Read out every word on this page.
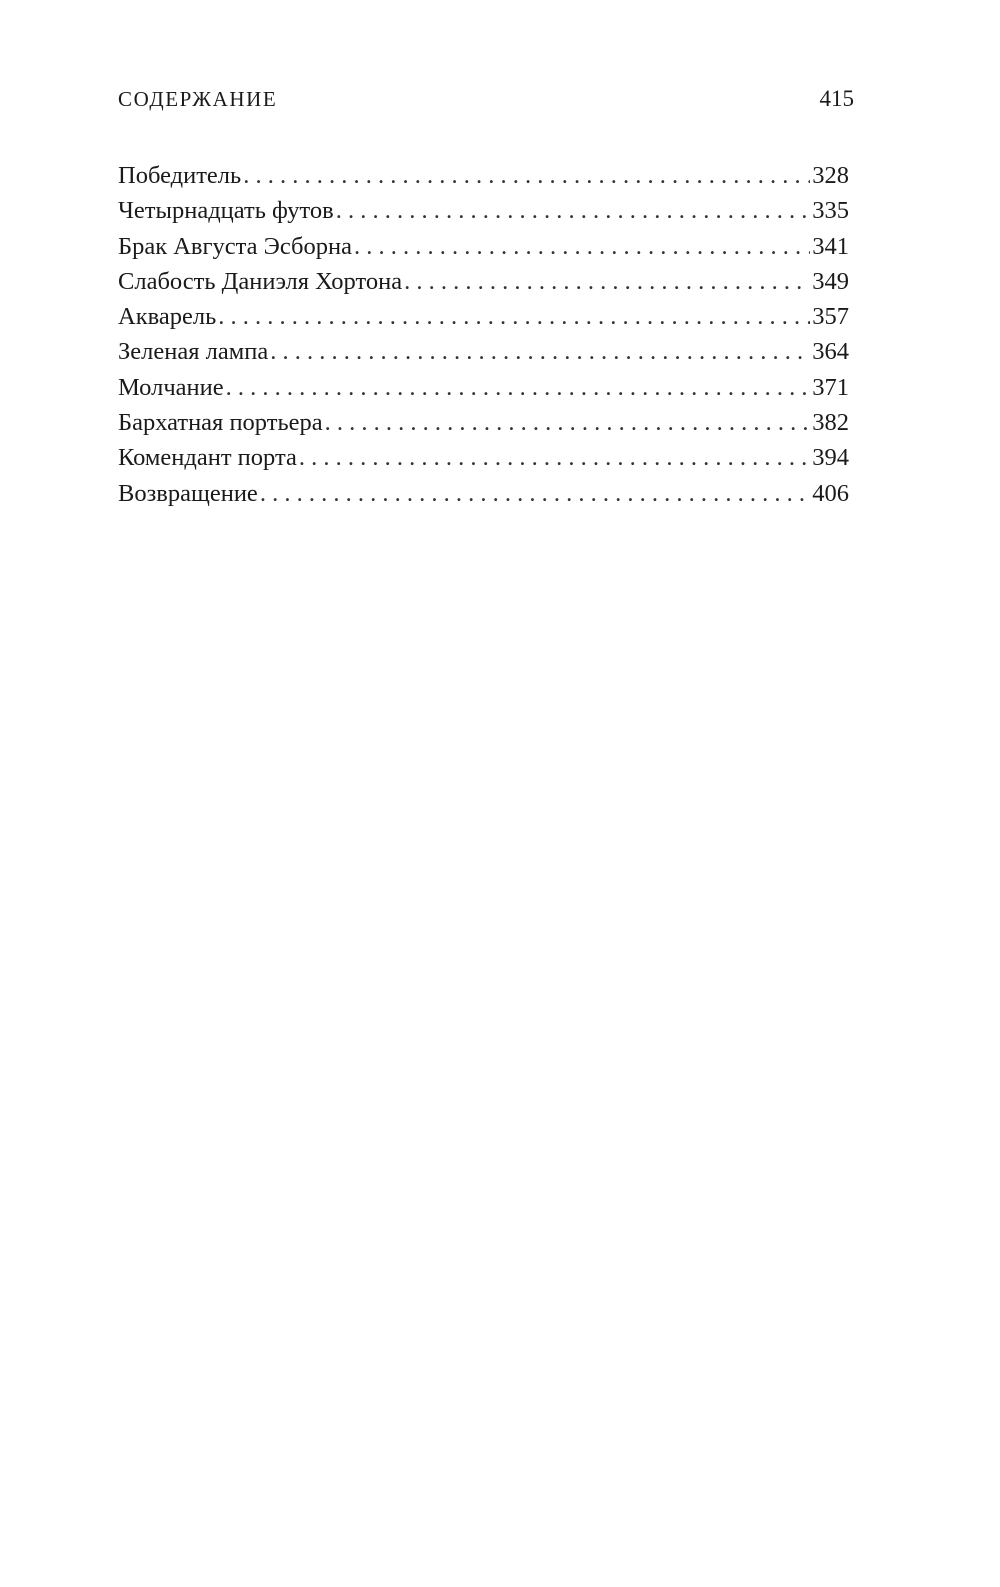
СОДЕРЖАНИЕ	415
Победитель . . .	328
Четырнадцать футов . . .	335
Брак Августа Эсборна . . .	341
Слабость Даниэля Хортона . . .	349
Акварель . . .	357
Зеленая лампа . . .	364
Молчание . . .	371
Бархатная портьера . . .	382
Комендант порта . . .	394
Возвращение . . .	406
